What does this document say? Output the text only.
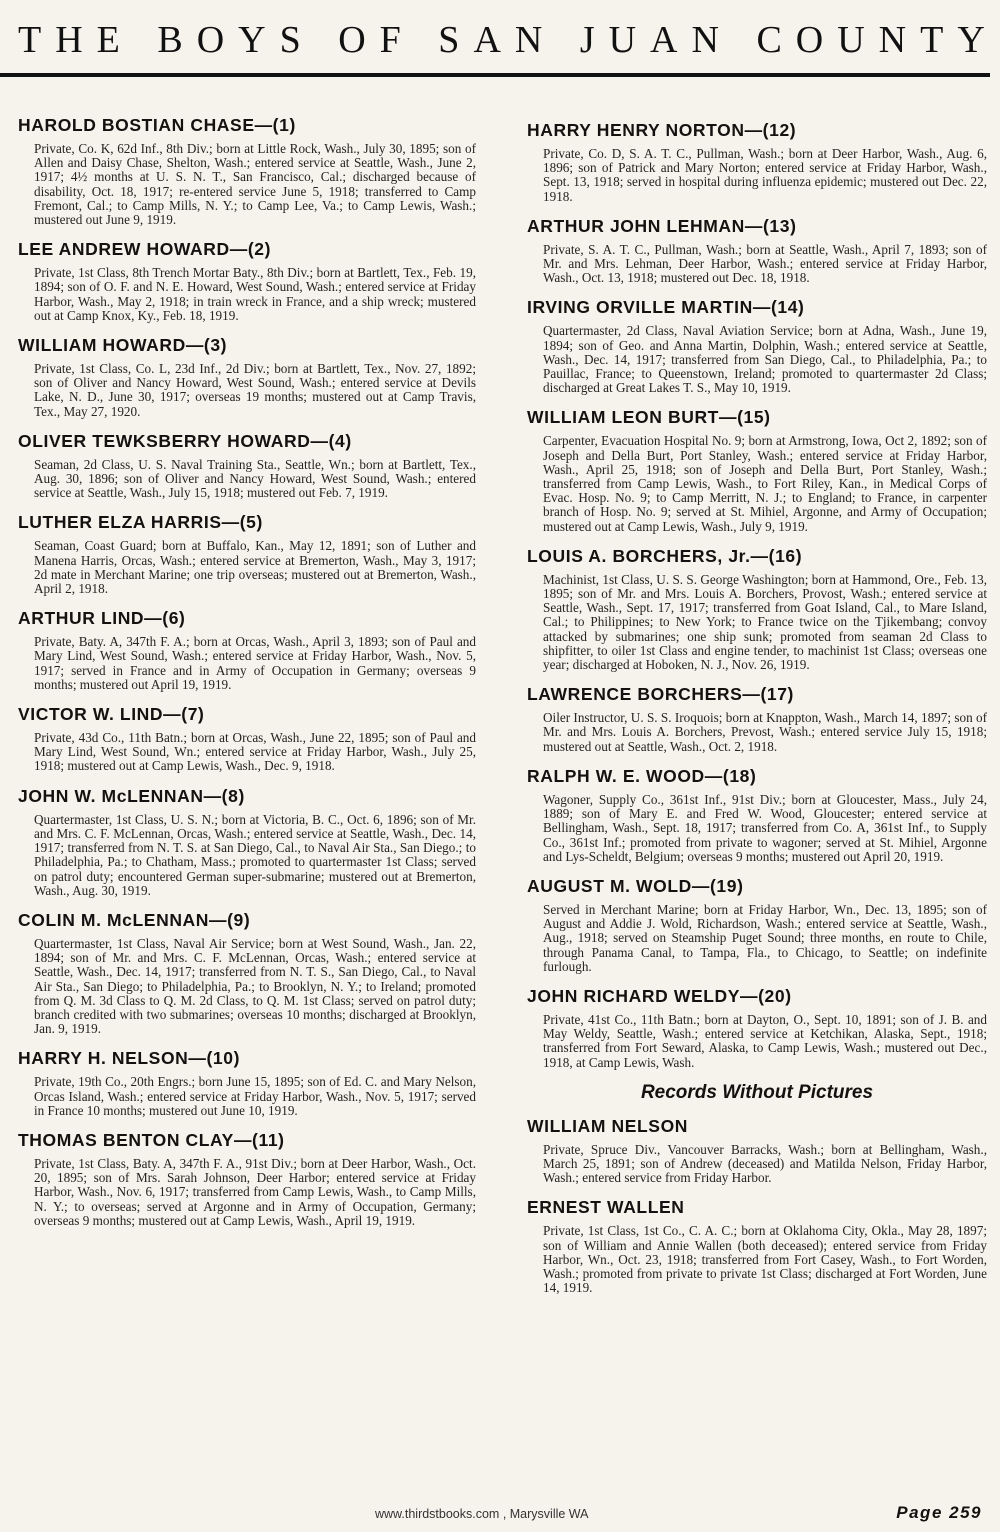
THE BOYS OF SAN JUAN COUNTY
HAROLD BOSTIAN CHASE—(1)
Private, Co. K, 62d Inf., 8th Div.; born at Little Rock, Wash., July 30, 1895; son of Allen and Daisy Chase, Shelton, Wash.; entered service at Seattle, Wash., June 2, 1917; 4½ months at U. S. N. T., San Francisco, Cal.; discharged because of disability, Oct. 18, 1917; re-entered service June 5, 1918; transferred to Camp Fremont, Cal.; to Camp Mills, N. Y.; to Camp Lee, Va.; to Camp Lewis, Wash.; mustered out June 9, 1919.
LEE ANDREW HOWARD—(2)
Private, 1st Class, 8th Trench Mortar Baty., 8th Div.; born at Bartlett, Tex., Feb. 19, 1894; son of O. F. and N. E. Howard, West Sound, Wash.; entered service at Friday Harbor, Wash., May 2, 1918; in train wreck in France, and a ship wreck; mustered out at Camp Knox, Ky., Feb. 18, 1919.
WILLIAM HOWARD—(3)
Private, 1st Class, Co. L, 23d Inf., 2d Div.; born at Bartlett, Tex., Nov. 27, 1892; son of Oliver and Nancy Howard, West Sound, Wash.; entered service at Devils Lake, N. D., June 30, 1917; overseas 19 months; mustered out at Camp Travis, Tex., May 27, 1920.
OLIVER TEWKSBERRY HOWARD—(4)
Seaman, 2d Class, U. S. Naval Training Sta., Seattle, Wn.; born at Bartlett, Tex., Aug. 30, 1896; son of Oliver and Nancy Howard, West Sound, Wash.; entered service at Seattle, Wash., July 15, 1918; mustered out Feb. 7, 1919.
LUTHER ELZA HARRIS—(5)
Seaman, Coast Guard; born at Buffalo, Kan., May 12, 1891; son of Luther and Manena Harris, Orcas, Wash.; entered service at Bremerton, Wash., May 3, 1917; 2d mate in Merchant Marine; one trip overseas; mustered out at Bremerton, Wash., April 2, 1918.
ARTHUR LIND—(6)
Private, Baty. A, 347th F. A.; born at Orcas, Wash., April 3, 1893; son of Paul and Mary Lind, West Sound, Wash.; entered service at Friday Harbor, Wash., Nov. 5, 1917; served in France and in Army of Occupation in Germany; overseas 9 months; mustered out April 19, 1919.
VICTOR W. LIND—(7)
Private, 43d Co., 11th Batn.; born at Orcas, Wash., June 22, 1895; son of Paul and Mary Lind, West Sound, Wn.; entered service at Friday Harbor, Wash., July 25, 1918; mustered out at Camp Lewis, Wash., Dec. 9, 1918.
JOHN W. McLENNAN—(8)
Quartermaster, 1st Class, U. S. N.; born at Victoria, B. C., Oct. 6, 1896; son of Mr. and Mrs. C. F. McLennan, Orcas, Wash.; entered service at Seattle, Wash., Dec. 14, 1917; transferred from N. T. S. at San Diego, Cal., to Naval Air Sta., San Diego.; to Philadelphia, Pa.; to Chatham, Mass.; promoted to quartermaster 1st Class; served on patrol duty; encountered German super-submarine; mustered out at Bremerton, Wash., Aug. 30, 1919.
COLIN M. McLENNAN—(9)
Quartermaster, 1st Class, Naval Air Service; born at West Sound, Wash., Jan. 22, 1894; son of Mr. and Mrs. C. F. McLennan, Orcas, Wash.; entered service at Seattle, Wash., Dec. 14, 1917; transferred from N. T. S., San Diego, Cal., to Naval Air Sta., San Diego; to Philadelphia, Pa.; to Brooklyn, N. Y.; to Ireland; promoted from Q. M. 3d Class to Q. M. 2d Class, to Q. M. 1st Class; served on patrol duty; branch credited with two submarines; overseas 10 months; discharged at Brooklyn, Jan. 9, 1919.
HARRY H. NELSON—(10)
Private, 19th Co., 20th Engrs.; born June 15, 1895; son of Ed. C. and Mary Nelson, Orcas Island, Wash.; entered service at Friday Harbor, Wash., Nov. 5, 1917; served in France 10 months; mustered out June 10, 1919.
THOMAS BENTON CLAY—(11)
Private, 1st Class, Baty. A, 347th F. A., 91st Div.; born at Deer Harbor, Wash., Oct. 20, 1895; son of Mrs. Sarah Johnson, Deer Harbor; entered service at Friday Harbor, Wash., Nov. 6, 1917; transferred from Camp Lewis, Wash., to Camp Mills, N. Y.; to overseas; served at Argonne and in Army of Occupation, Germany; overseas 9 months; mustered out at Camp Lewis, Wash., April 19, 1919.
HARRY HENRY NORTON—(12)
Private, Co. D, S. A. T. C., Pullman, Wash.; born at Deer Harbor, Wash., Aug. 6, 1896; son of Patrick and Mary Norton; entered service at Friday Harbor, Wash., Sept. 13, 1918; served in hospital during influenza epidemic; mustered out Dec. 22, 1918.
ARTHUR JOHN LEHMAN—(13)
Private, S. A. T. C., Pullman, Wash.; born at Seattle, Wash., April 7, 1893; son of Mr. and Mrs. Lehman, Deer Harbor, Wash.; entered service at Friday Harbor, Wash., Oct. 13, 1918; mustered out Dec. 18, 1918.
IRVING ORVILLE MARTIN—(14)
Quartermaster, 2d Class, Naval Aviation Service; born at Adna, Wash., June 19, 1894; son of Geo. and Anna Martin, Dolphin, Wash.; entered service at Seattle, Wash., Dec. 14, 1917; transferred from San Diego, Cal., to Philadelphia, Pa.; to Pauillac, France; to Queenstown, Ireland; promoted to quartermaster 2d Class; discharged at Great Lakes T. S., May 10, 1919.
WILLIAM LEON BURT—(15)
Carpenter, Evacuation Hospital No. 9; born at Armstrong, Iowa, Oct 2, 1892; son of Joseph and Della Burt, Port Stanley, Wash.; entered service at Friday Harbor, Wash., April 25, 1918; son of Joseph and Della Burt, Port Stanley, Wash.; transferred from Camp Lewis, Wash., to Fort Riley, Kan., in Medical Corps of Evac. Hosp. No. 9; to Camp Merritt, N. J.; to England; to France, in carpenter branch of Hosp. No. 9; served at St. Mihiel, Argonne, and Army of Occupation; mustered out at Camp Lewis, Wash., July 9, 1919.
LOUIS A. BORCHERS, Jr.—(16)
Machinist, 1st Class, U. S. S. George Washington; born at Hammond, Ore., Feb. 13, 1895; son of Mr. and Mrs. Louis A. Borchers, Provost, Wash.; entered service at Seattle, Wash., Sept. 17, 1917; transferred from Goat Island, Cal., to Mare Island, Cal.; to Philippines; to New York; to France twice on the Tjikembang; convoy attacked by submarines; one ship sunk; promoted from seaman 2d Class to shipfitter, to oiler 1st Class and engine tender, to machinist 1st Class; overseas one year; discharged at Hoboken, N. J., Nov. 26, 1919.
LAWRENCE BORCHERS—(17)
Oiler Instructor, U. S. S. Iroquois; born at Knappton, Wash., March 14, 1897; son of Mr. and Mrs. Louis A. Borchers, Prevost, Wash.; entered service July 15, 1918; mustered out at Seattle, Wash., Oct. 2, 1918.
RALPH W. E. WOOD—(18)
Wagoner, Supply Co., 361st Inf., 91st Div.; born at Gloucester, Mass., July 24, 1889; son of Mary E. and Fred W. Wood, Gloucester; entered service at Bellingham, Wash., Sept. 18, 1917; transferred from Co. A, 361st Inf., to Supply Co., 361st Inf.; promoted from private to wagoner; served at St. Mihiel, Argonne and Lys-Scheldt, Belgium; overseas 9 months; mustered out April 20, 1919.
AUGUST M. WOLD—(19)
Served in Merchant Marine; born at Friday Harbor, Wn., Dec. 13, 1895; son of August and Addie J. Wold, Richardson, Wash.; entered service at Seattle, Wash., Aug., 1918; served on Steamship Puget Sound; three months, en route to Chile, through Panama Canal, to Tampa, Fla., to Chicago, to Seattle; on indefinite furlough.
JOHN RICHARD WELDY—(20)
Private, 41st Co., 11th Batn.; born at Dayton, O., Sept. 10, 1891; son of J. B. and May Weldy, Seattle, Wash.; entered service at Ketchikan, Alaska, Sept., 1918; transferred from Fort Seward, Alaska, to Camp Lewis, Wash.; mustered out Dec., 1918, at Camp Lewis, Wash.
Records Without Pictures
WILLIAM NELSON
Private, Spruce Div., Vancouver Barracks, Wash.; born at Bellingham, Wash., March 25, 1891; son of Andrew (deceased) and Matilda Nelson, Friday Harbor, Wash.; entered service from Friday Harbor.
ERNEST WALLEN
Private, 1st Class, 1st Co., C. A. C.; born at Oklahoma City, Okla., May 28, 1897; son of William and Annie Wallen (both deceased); entered service from Friday Harbor, Wn., Oct. 23, 1918; transferred from Fort Casey, Wash., to Fort Worden, Wash.; promoted from private to private 1st Class; discharged at Fort Worden, June 14, 1919.
www.thirdstbooks.com , Marysville WA	Page 259
